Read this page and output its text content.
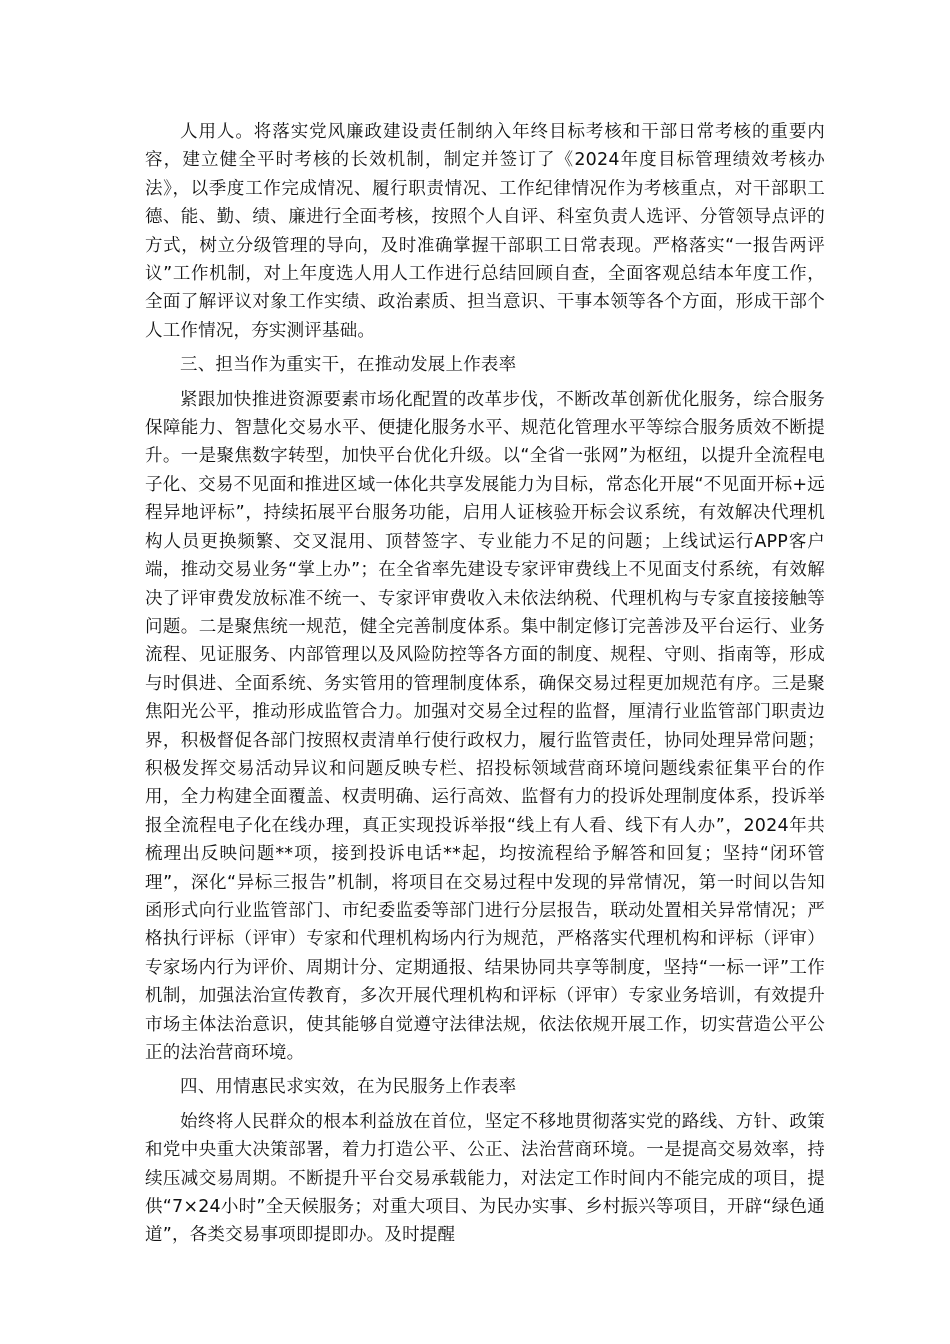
人用人。将落实党风廉政建设责任制纳入年终目标考核和干部日常考核的重要内容，建立健全平时考核的长效机制，制定并签订了《2024年度目标管理绩效考核办法》，以季度工作完成情况、履行职责情况、工作纪律情况作为考核重点，对干部职工德、能、勤、绩、廉进行全面考核，按照个人自评、科室负责人选评、分管领导点评的方式，树立分级管理的导向，及时准确掌握干部职工日常表现。严格落实“一报告两评议”工作机制，对上年度选人用人工作进行总结回顾自查，全面客观总结本年度工作，全面了解评议对象工作实绩、政治素质、担当意识、干事本领等各个方面，形成干部个人工作情况，夯实测评基础。

三、担当作为重实干，在推动发展上作表率

紧跟加快推进资源要素市场化配置的改革步伐，不断改革创新优化服务，综合服务保障能力、智慧化交易水平、便捷化服务水平、规范化管理水平等综合服务质效不断提升。一是聚焦数字转型，加快平台优化升级。以“全省一张网”为枢纽，以提升全流程电子化、交易不见面和推进区域一体化共享发展能力为目标，常态化开展“不见面开标+远程异地评标”，持续拓展平台服务功能，启用人证核验开标会议系统，有效解决代理机构人员更换频繁、交叉混用、顶替签字、专业能力不足的问题；上线试运行APP客户端，推动交易业务“掌上办”；在全省率先建设专家评审费线上不见面支付系统，有效解决了评审费发放标准不统一、专家评审费收入未依法纳税、代理机构与专家直接接触等问题。二是聚焦统一规范，健全完善制度体系。集中制定修订完善涉及平台运行、业务流程、见证服务、内部管理以及风险防控等各方面的制度、规程、守则、指南等，形成与时俱进、全面系统、务实管用的管理制度体系，确保交易过程更加规范有序。三是聚焦阳光公平，推动形成监管合力。加强对交易全过程的监督，厘清行业监管部门职责边界，积极督促各部门按照权责清单行使行政权力，履行监管责任，协同处理异常问题；积极发挥交易活动异议和问题反映专栏、招投标领域营商环境问题线索征集平台的作用，全力构建全面覆盖、权责明确、运行高效、监督有力的投诉处理制度体系，投诉举报全流程电子化在线办理，真正实现投诉举报“线上有人看、线下有人办”，2024年共梳理出反映问题**项，接到投诉电话**起，均按流程给予解答和回复；坚持“闭环管理”，深化“异标三报告”机制，将项目在交易过程中发现的异常情况，第一时间以告知函形式向行业监管部门、市纪委监委等部门进行分层报告，联动处置相关异常情况；严格执行评标（评审）专家和代理机构场内行为规范，严格落实代理机构和评标（评审）专家场内行为评价、周期计分、定期通报、结果协同共享等制度，坚持“一标一评”工作机制，加强法治宣传教育，多次开展代理机构和评标（评审）专家业务培训，有效提升市场主体法治意识，使其能够自觉遵守法律法规，依法依规开展工作，切实营造公平公正的法治营商环境。

四、用情惠民求实效，在为民服务上作表率

始终将人民群众的根本利益放在首位，坚定不移地贯彻落实党的路线、方针、政策和党中央重大决策部署，着力打造公平、公正、法治营商环境。一是提高交易效率，持续压减交易周期。不断提升平台交易承载能力，对法定工作时间内不能完成的项目，提供“7×24小时”全天候服务；对重大项目、为民办实事、乡村振兴等项目，开辟“绿色通道”，各类交易事项即提即办。及时提醒
